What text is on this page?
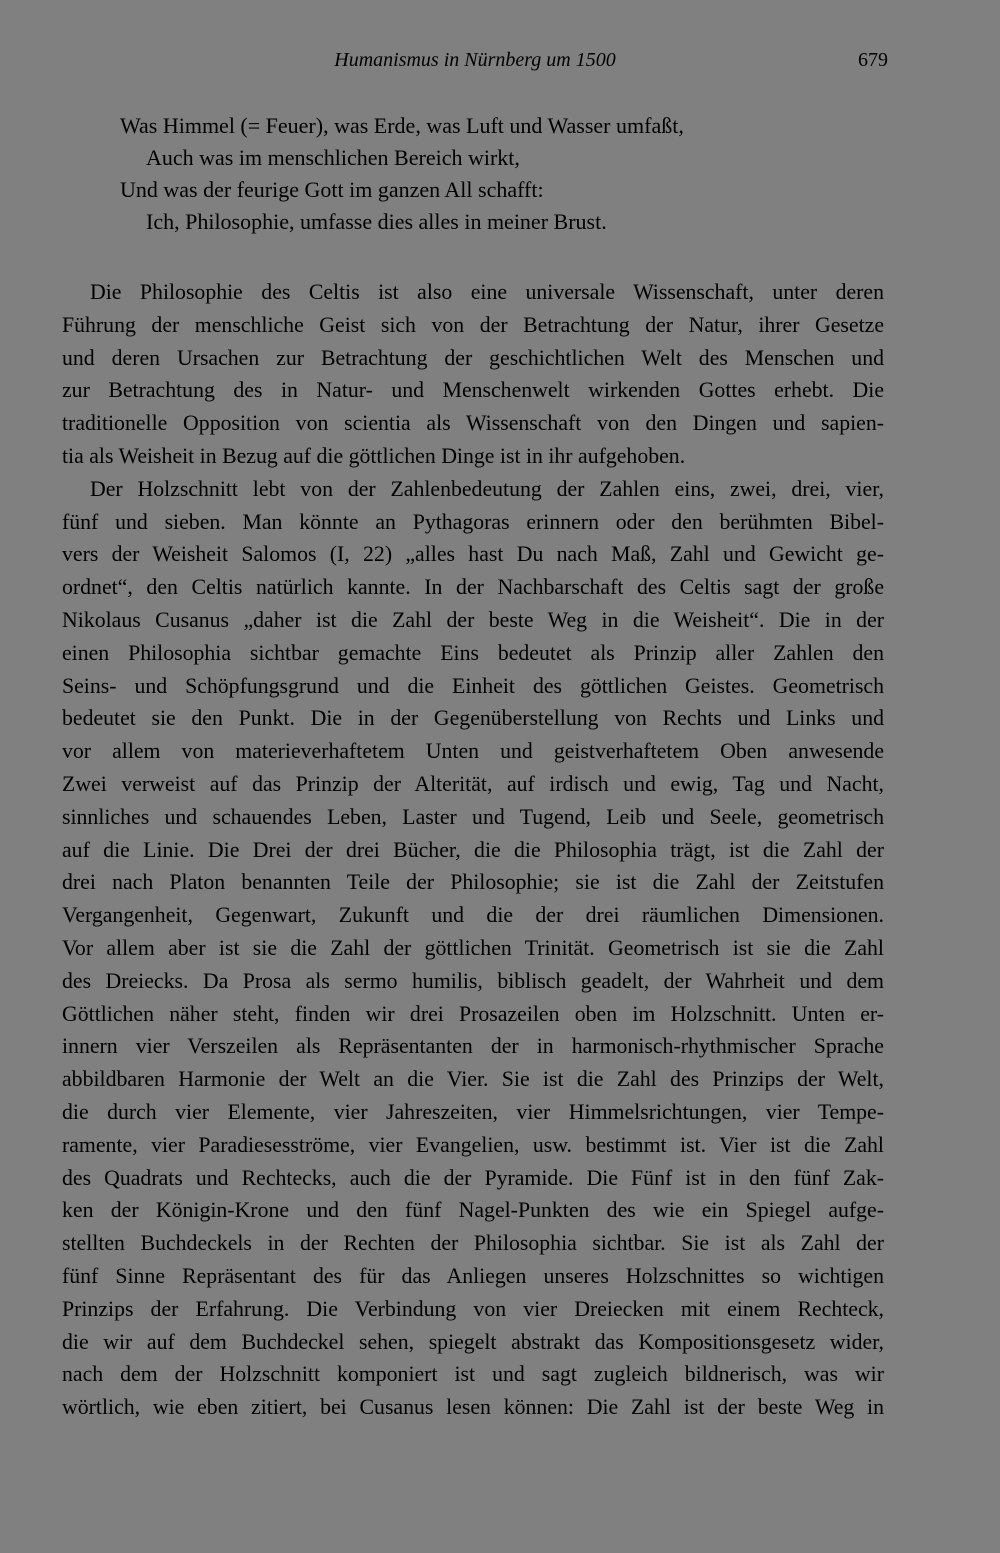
Humanismus in Nürnberg um 1500	679
Was Himmel (= Feuer), was Erde, was Luft und Wasser umfaßt,
Auch was im menschlichen Bereich wirkt,
Und was der feurige Gott im ganzen All schafft:
Ich, Philosophie, umfasse dies alles in meiner Brust.
Die Philosophie des Celtis ist also eine universale Wissenschaft, unter deren
Führung der menschliche Geist sich von der Betrachtung der Natur, ihrer Gesetze
und deren Ursachen zur Betrachtung der geschichtlichen Welt des Menschen und
zur Betrachtung des in Natur- und Menschenwelt wirkenden Gottes erhebt. Die
traditionelle Opposition von scientia als Wissenschaft von den Dingen und sapien-
tia als Weisheit in Bezug auf die göttlichen Dinge ist in ihr aufgehoben.
Der Holzschnitt lebt von der Zahlenbedeutung der Zahlen eins, zwei, drei, vier,
fünf und sieben. Man könnte an Pythagoras erinnern oder den berühmten Bibel-
vers der Weisheit Salomos (I, 22) „alles hast Du nach Maß, Zahl und Gewicht ge-
ordnet“, den Celtis natürlich kannte. In der Nachbarschaft des Celtis sagt der große
Nikolaus Cusanus „daher ist die Zahl der beste Weg in die Weisheit“. Die in der
einen Philosophia sichtbar gemachte Eins bedeutet als Prinzip aller Zahlen den
Seins- und Schöpfungsgrund und die Einheit des göttlichen Geistes. Geometrisch
bedeutet sie den Punkt. Die in der Gegenüberstellung von Rechts und Links und
vor allem von materieverhaftetem Unten und geistverhaftetem Oben anwesende
Zwei verweist auf das Prinzip der Alterität, auf irdisch und ewig, Tag und Nacht,
sinnliches und schauendes Leben, Laster und Tugend, Leib und Seele, geometrisch
auf die Linie. Die Drei der drei Bücher, die die Philosophia trägt, ist die Zahl der
drei nach Platon benannten Teile der Philosophie; sie ist die Zahl der Zeitstufen
Vergangenheit, Gegenwart, Zukunft und die der drei räumlichen Dimensionen.
Vor allem aber ist sie die Zahl der göttlichen Trinität. Geometrisch ist sie die Zahl
des Dreiecks. Da Prosa als sermo humilis, biblisch geadelt, der Wahrheit und dem
Göttlichen näher steht, finden wir drei Prosazeilen oben im Holzschnitt. Unten er-
innern vier Verszeilen als Repräsentanten der in harmonisch-rhythmischer Sprache
abbildbaren Harmonie der Welt an die Vier. Sie ist die Zahl des Prinzips der Welt,
die durch vier Elemente, vier Jahreszeiten, vier Himmelsrichtungen, vier Tempe-
ramente, vier Paradiesesströme, vier Evangelien, usw. bestimmt ist. Vier ist die Zahl
des Quadrats und Rechtecks, auch die der Pyramide. Die Fünf ist in den fünf Zak-
ken der Königin-Krone und den fünf Nagel-Punkten des wie ein Spiegel aufge-
stellten Buchdeckels in der Rechten der Philosophia sichtbar. Sie ist als Zahl der
fünf Sinne Repräsentant des für das Anliegen unseres Holzschnittes so wichtigen
Prinzips der Erfahrung. Die Verbindung von vier Dreiecken mit einem Rechteck,
die wir auf dem Buchdeckel sehen, spiegelt abstrakt das Kompositionsgesetz wider,
nach dem der Holzschnitt komponiert ist und sagt zugleich bildnerisch, was wir
wörtlich, wie eben zitiert, bei Cusanus lesen können: Die Zahl ist der beste Weg in
